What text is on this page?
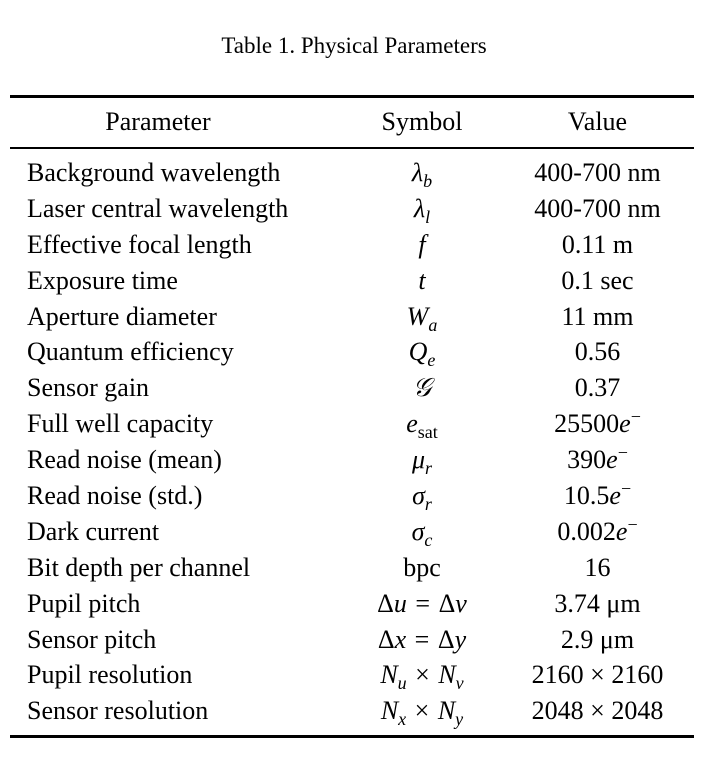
Table 1. Physical Parameters
Parameter	Symbol	Value
Background wavelength	$\lambda_b$	400-700 nm
Laser central wavelength	$\lambda_l$	400-700 nm
Effective focal length	f	0.11 m
Exposure time	t	0.1 sec
Aperture diameter	$W_a$	11 mm
Quantum efficiency	$Q_e$	0.56
Sensor gain	𝒢	0.37
Full well capacity	$e_{sat}$	25500e−
Read noise (mean)	$\mu_r$	390e−
Read noise (std.)	$\sigma_r$	10.5e−
Dark current	$\sigma_c$	0.002e−
Bit depth per channel	bpc	16
Pupil pitch	Δu = Δv	3.74 μm
Sensor pitch	Δx = Δy	2.9 μm
Pupil resolution	$N_u \times N_v$	2160 × 2160
Sensor resolution	$N_x \times N_y$	2048 × 2048
